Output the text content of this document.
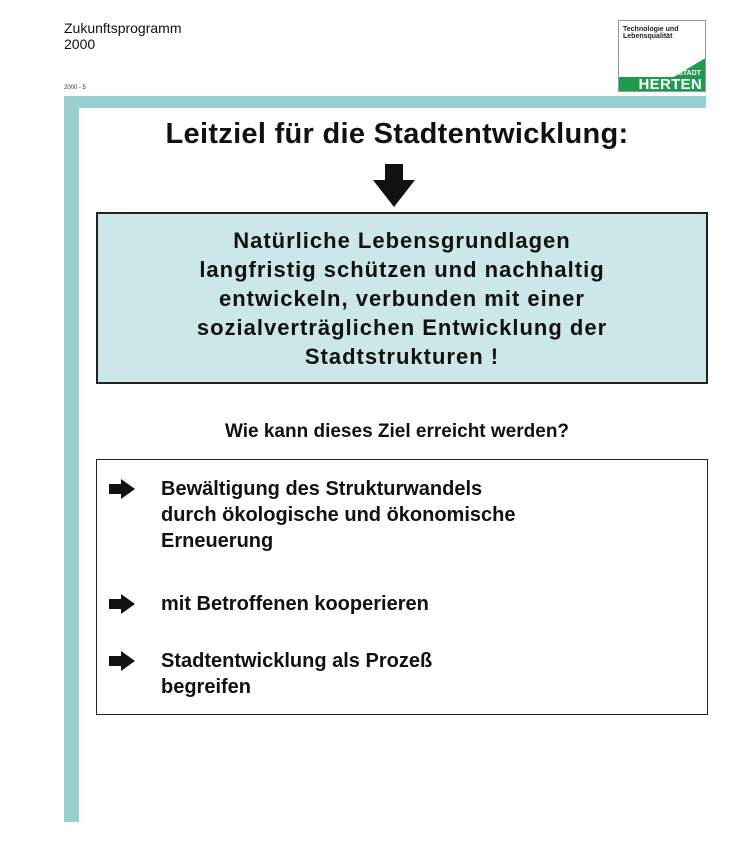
Zukunftsprogramm
2000
2000 - 5
Technologie und
Lebensqualität
STADT
HERTEN
Leitziel für die Stadtentwicklung:
Natürliche Lebensgrundlagen
langfristig schützen und nachhaltig
entwickeln, verbunden mit einer
sozialverträglichen Entwicklung der
Stadtstrukturen !
Wie kann dieses Ziel erreicht werden?
Bewältigung des Strukturwandels
durch ökologische und ökonomische
Erneuerung
mit Betroffenen kooperieren
Stadtentwicklung als Prozeß
begreifen
